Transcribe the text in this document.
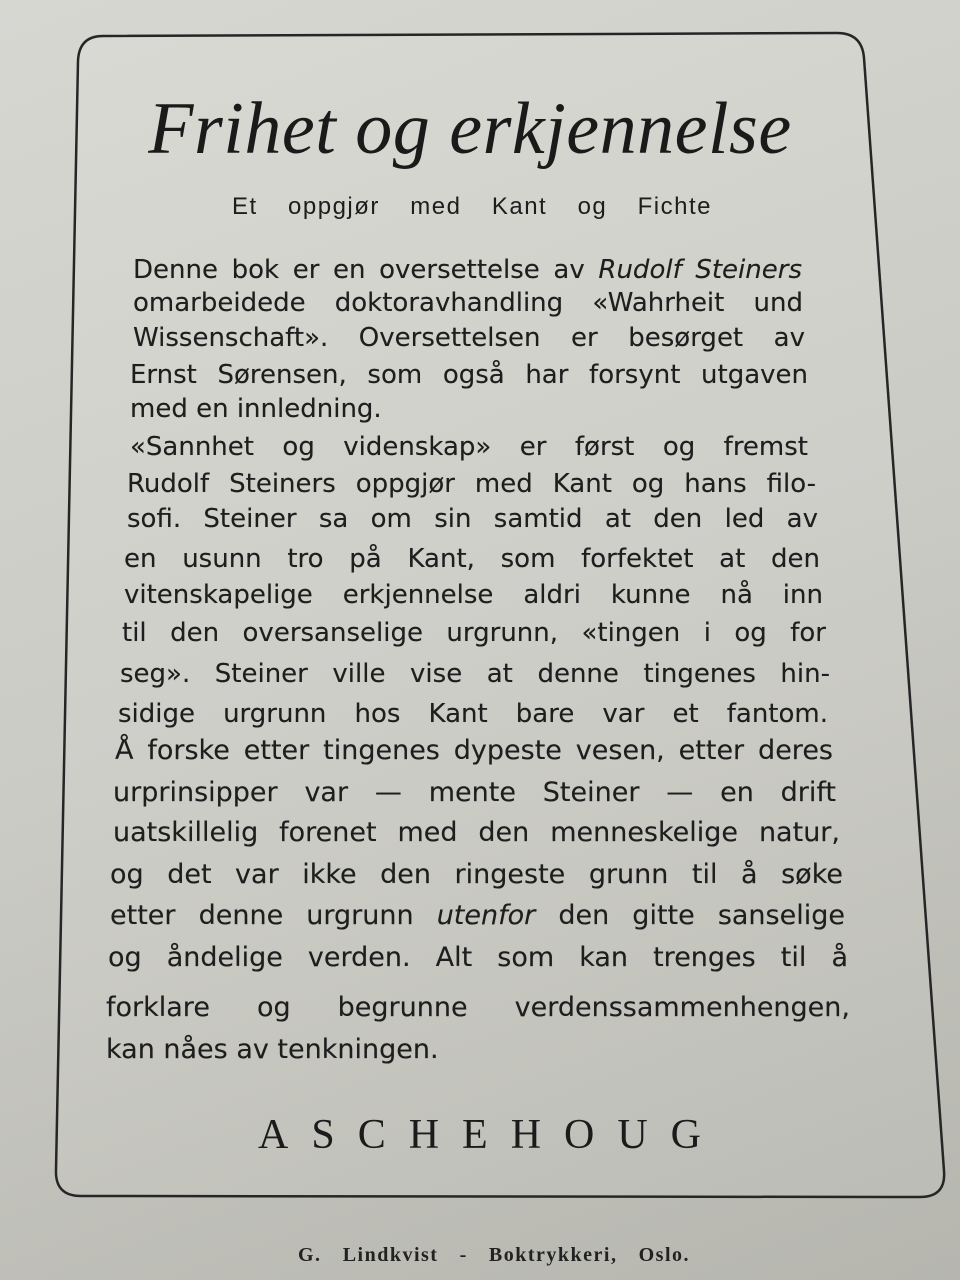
Frihet og erkjennelse
Et oppgjør med Kant og Fichte
Denne bok er en oversettelse av Rudolf Steiners
omarbeidede doktoravhandling «Wahrheit und
Wissenschaft». Oversettelsen er besørget av
Ernst Sørensen, som også har forsynt utgaven
med en innledning.
«Sannhet og videnskap» er først og fremst
Rudolf Steiners oppgjør med Kant og hans filo-
sofi. Steiner sa om sin samtid at den led av
en usunn tro på Kant, som forfektet at den
vitenskapelige erkjennelse aldri kunne nå inn
til den oversanselige urgrunn, «tingen i og for
seg». Steiner ville vise at denne tingenes hin-
sidige urgrunn hos Kant bare var et fantom.
Å forske etter tingenes dypeste vesen, etter deres
urprinsipper var — mente Steiner — en drift
uatskillelig forenet med den menneskelige natur,
og det var ikke den ringeste grunn til å søke
etter denne urgrunn utenfor den gitte sanselige
og åndelige verden. Alt som kan trenges til å
forklare og begrunne verdenssammenhengen,
kan nåes av tenkningen.
ASCHEHOUG
G. Lindkvist - Boktrykkeri, Oslo.
